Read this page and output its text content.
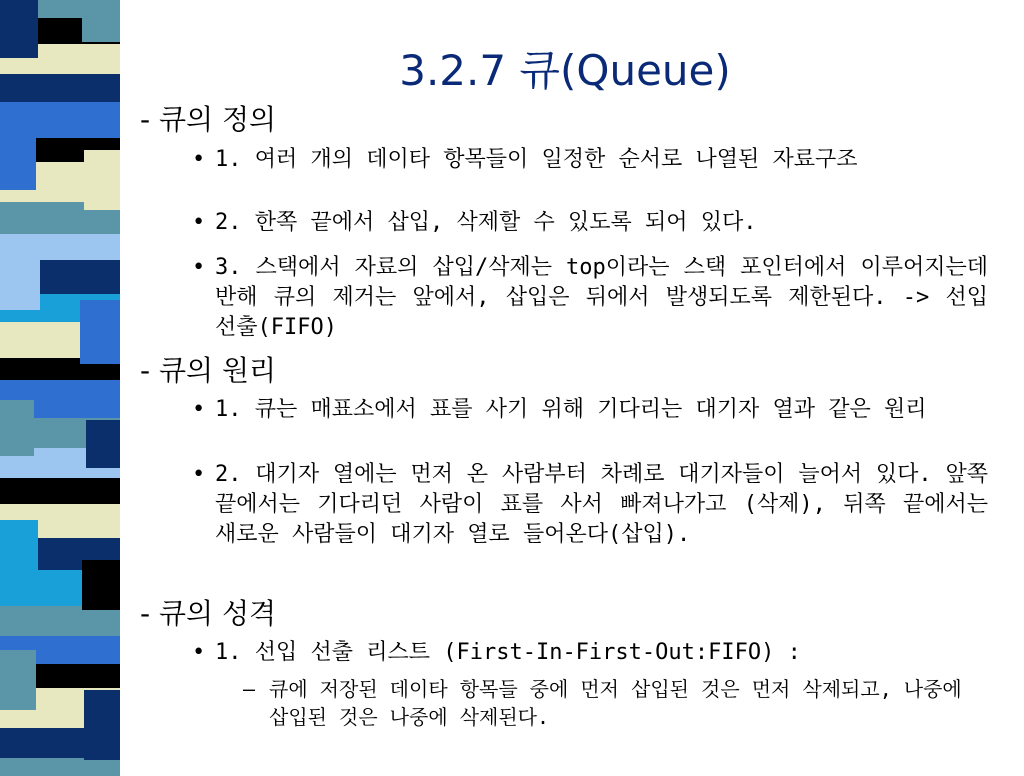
3.2.7 큐(Queue)
- 큐의 정의
• 1. 여러 개의 데이타 항목들이 일정한 순서로 나열된 자료구조
• 2. 한쪽 끝에서 삽입, 삭제할 수 있도록 되어 있다.
• 3. 스택에서 자료의 삽입/삭제는 top이라는 스택 포인터에서 이루어지는데 반해 큐의 제거는 앞에서, 삽입은 뒤에서 발생되도록 제한된다. -> 선입 선출(FIFO)
- 큐의 원리
• 1. 큐는 매표소에서 표를 사기 위해 기다리는 대기자 열과 같은 원리
• 2. 대기자 열에는 먼저 온 사람부터 차례로 대기자들이 늘어서 있다. 앞쪽 끝에서는 기다리던 사람이 표를 사서 빠져나가고 (삭제), 뒤쪽 끝에서는 새로운 사람들이 대기자 열로 들어온다(삽입).
- 큐의 성격
• 1. 선입 선출 리스트 (First-In-First-Out:FIFO) :
– 큐에 저장된 데이타 항목들 중에 먼저 삽입된 것은 먼저 삭제되고, 나중에 삽입된 것은 나중에 삭제된다.
